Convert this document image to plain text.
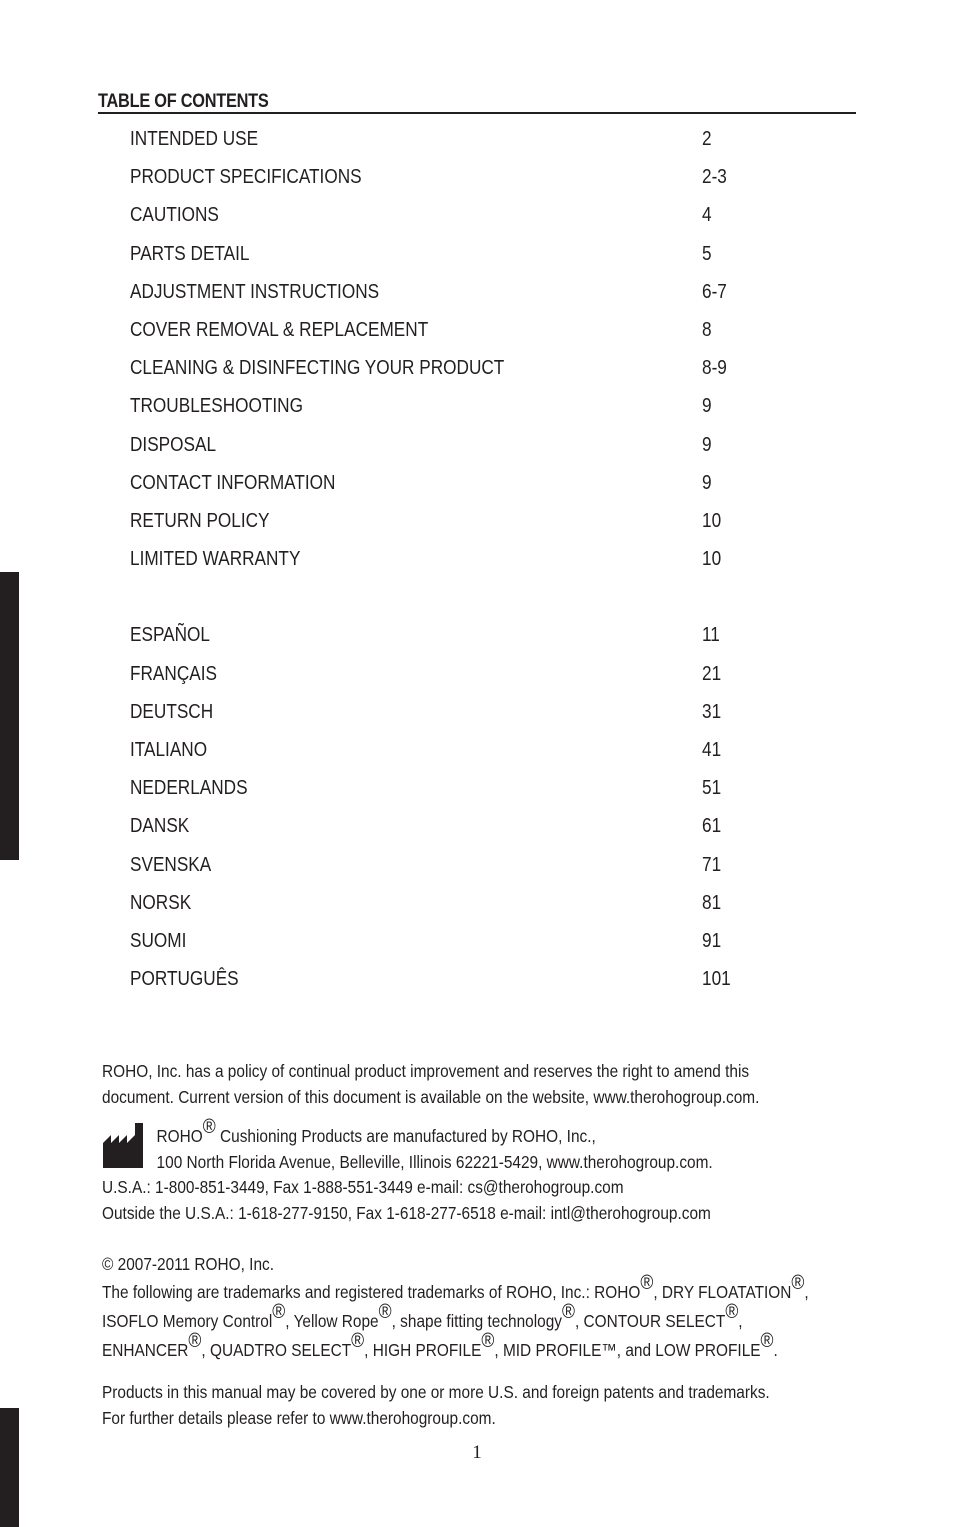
TABLE OF CONTENTS
INTENDED USE	2
PRODUCT SPECIFICATIONS	2-3
CAUTIONS	4
PARTS DETAIL	5
ADJUSTMENT INSTRUCTIONS	6-7
COVER REMOVAL & REPLACEMENT	8
CLEANING & DISINFECTING YOUR PRODUCT	8-9
TROUBLESHOOTING	9
DISPOSAL	9
CONTACT INFORMATION	9
RETURN POLICY	10
LIMITED WARRANTY	10
ESPAÑOL	11
FRANÇAIS	21
DEUTSCH	31
ITALIANO	41
NEDERLANDS	51
DANSK	61
SVENSKA	71
NORSK	81
SUOMI	91
PORTUGUÊS	101
ROHO, Inc. has a policy of continual product improvement and reserves the right to amend this
document. Current version of this document is available on the website, www.therohogroup.com.
ROHO® Cushioning Products are manufactured by ROHO, Inc.,
100 North Florida Avenue, Belleville, Illinois 62221-5429, www.therohogroup.com.
U.S.A.: 1-800-851-3449, Fax 1-888-551-3449 e-mail: cs@therohogroup.com
Outside the U.S.A.: 1-618-277-9150, Fax 1-618-277-6518 e-mail: intl@therohogroup.com
© 2007-2011 ROHO, Inc.
The following are trademarks and registered trademarks of ROHO, Inc.: ROHO®, DRY FLOATATION®,
ISOFLO Memory Control®, Yellow Rope®, shape fitting technology®, CONTOUR SELECT®,
ENHANCER®, QUADTRO SELECT®, HIGH PROFILE®, MID PROFILE™, and LOW PROFILE®.
Products in this manual may be covered by one or more U.S. and foreign patents and trademarks.
For further details please refer to www.therohogroup.com.
1
